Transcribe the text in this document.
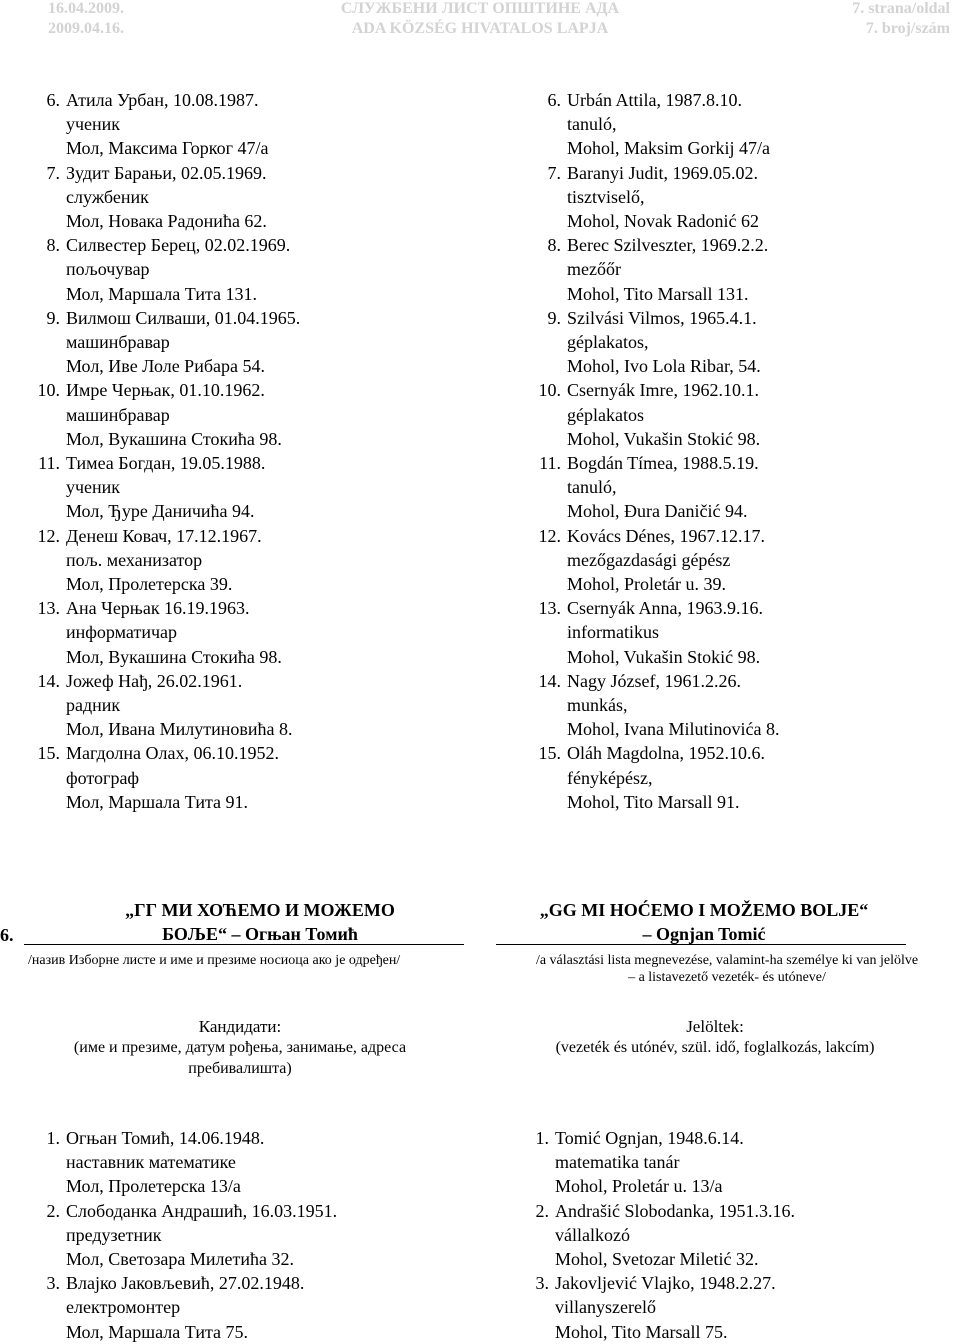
16.04.2009.
2009.04.16.
СЛУЖБЕНИ ЛИСТ ОПШТИНЕ АДА
ADA KÖZSÉG HIVATALOS LAPJA
7. strana/oldal
7. broj/szám
6. Атила Урбан, 10.08.1987.
ученик
Мол, Максима Горког 47/а
7. Зудит Барањи, 02.05.1969.
службеник
Мол, Новака Радонића 62.
8. Силвестер Берец, 02.02.1969.
пољочувар
Мол, Маршала Тита 131.
9. Вилмош Силваши, 01.04.1965.
машинбравар
Мол, Иве Лоле Рибара 54.
10. Имре Черњак, 01.10.1962.
машинбравар
Мол, Вукашина Стокића 98.
11. Тимеа Богдан, 19.05.1988.
ученик
Мол, Ђуре Даничића 94.
12. Денеш Ковач, 17.12.1967.
пољ. механизатор
Мол, Пролетерска 39.
13. Ана Черњак 16.19.1963.
информатичар
Мол, Вукашина Стокића 98.
14. Јожеф Нађ, 26.02.1961.
радник
Мол, Ивана Милутиновића 8.
15. Магдолна Олах, 06.10.1952.
фотограф
Мол, Маршала Тита 91.
6. Urbán Attila, 1987.8.10.
tanuló,
Mohol, Maksim Gorkij 47/a
7. Baranyi Judit, 1969.05.02.
tisztviselő,
Mohol, Novak Radonić 62
8. Berec Szilveszter, 1969.2.2.
mezőőr
Mohol, Tito Marsall 131.
9. Szilvási Vilmos, 1965.4.1.
géplakatos,
Mohol, Ivo Lola Ribar, 54.
10. Csernyák Imre, 1962.10.1.
géplakatos
Mohol, Vukašin Stokić 98.
11. Bogdán Tímea, 1988.5.19.
tanuló,
Mohol, Đura Daničić 94.
12. Kovács Dénes, 1967.12.17.
mezőgazdasági gépész
Mohol, Proletár u. 39.
13. Csernyák Anna, 1963.9.16.
informatikus
Mohol, Vukašin Stokić 98.
14. Nagy József, 1961.2.26.
munkás,
Mohol, Ivana Milutinovića 8.
15. Oláh Magdolna, 1952.10.6.
fényképész,
Mohol, Tito Marsall 91.
6.
„ГГ МИ ХОЋЕМО И МОЖЕМО
БОЉЕ“ – Огњан Томић
„GG MI HOĆEMO I MOŽEMO BOLJE“
– Ognjan Tomić
/назив Изборне листе и име и презиме носиоца ако је одређен/	/a választási lista megnevezése, valamint-ha személye ki van jelölve
– a listavezető vezeték- és utóneve/
Кандидати:
(име и презиме, датум рођења, занимање, адреса
пребивалишта)
Jelöltek:
(vezeték és utónév, szül. idő, foglalkozás, lakcím)
1. Огњан Томић, 14.06.1948.
наставник математике
Мол, Пролетерска 13/а
2. Слободанка Андрашић, 16.03.1951.
предузетник
Мол, Светозара Милетића 32.
3. Влајко Јаковљевић, 27.02.1948.
електромонтер
Мол, Маршала Тита 75.
1. Tomić Ognjan, 1948.6.14.
matematika tanár
Mohol, Proletár u. 13/a
2. Andrašić Slobodanka, 1951.3.16.
vállalkozó
Mohol, Svetozar Miletić 32.
3. Jakovljević Vlajko, 1948.2.27.
villanyszerelő
Mohol, Tito Marsall 75.
